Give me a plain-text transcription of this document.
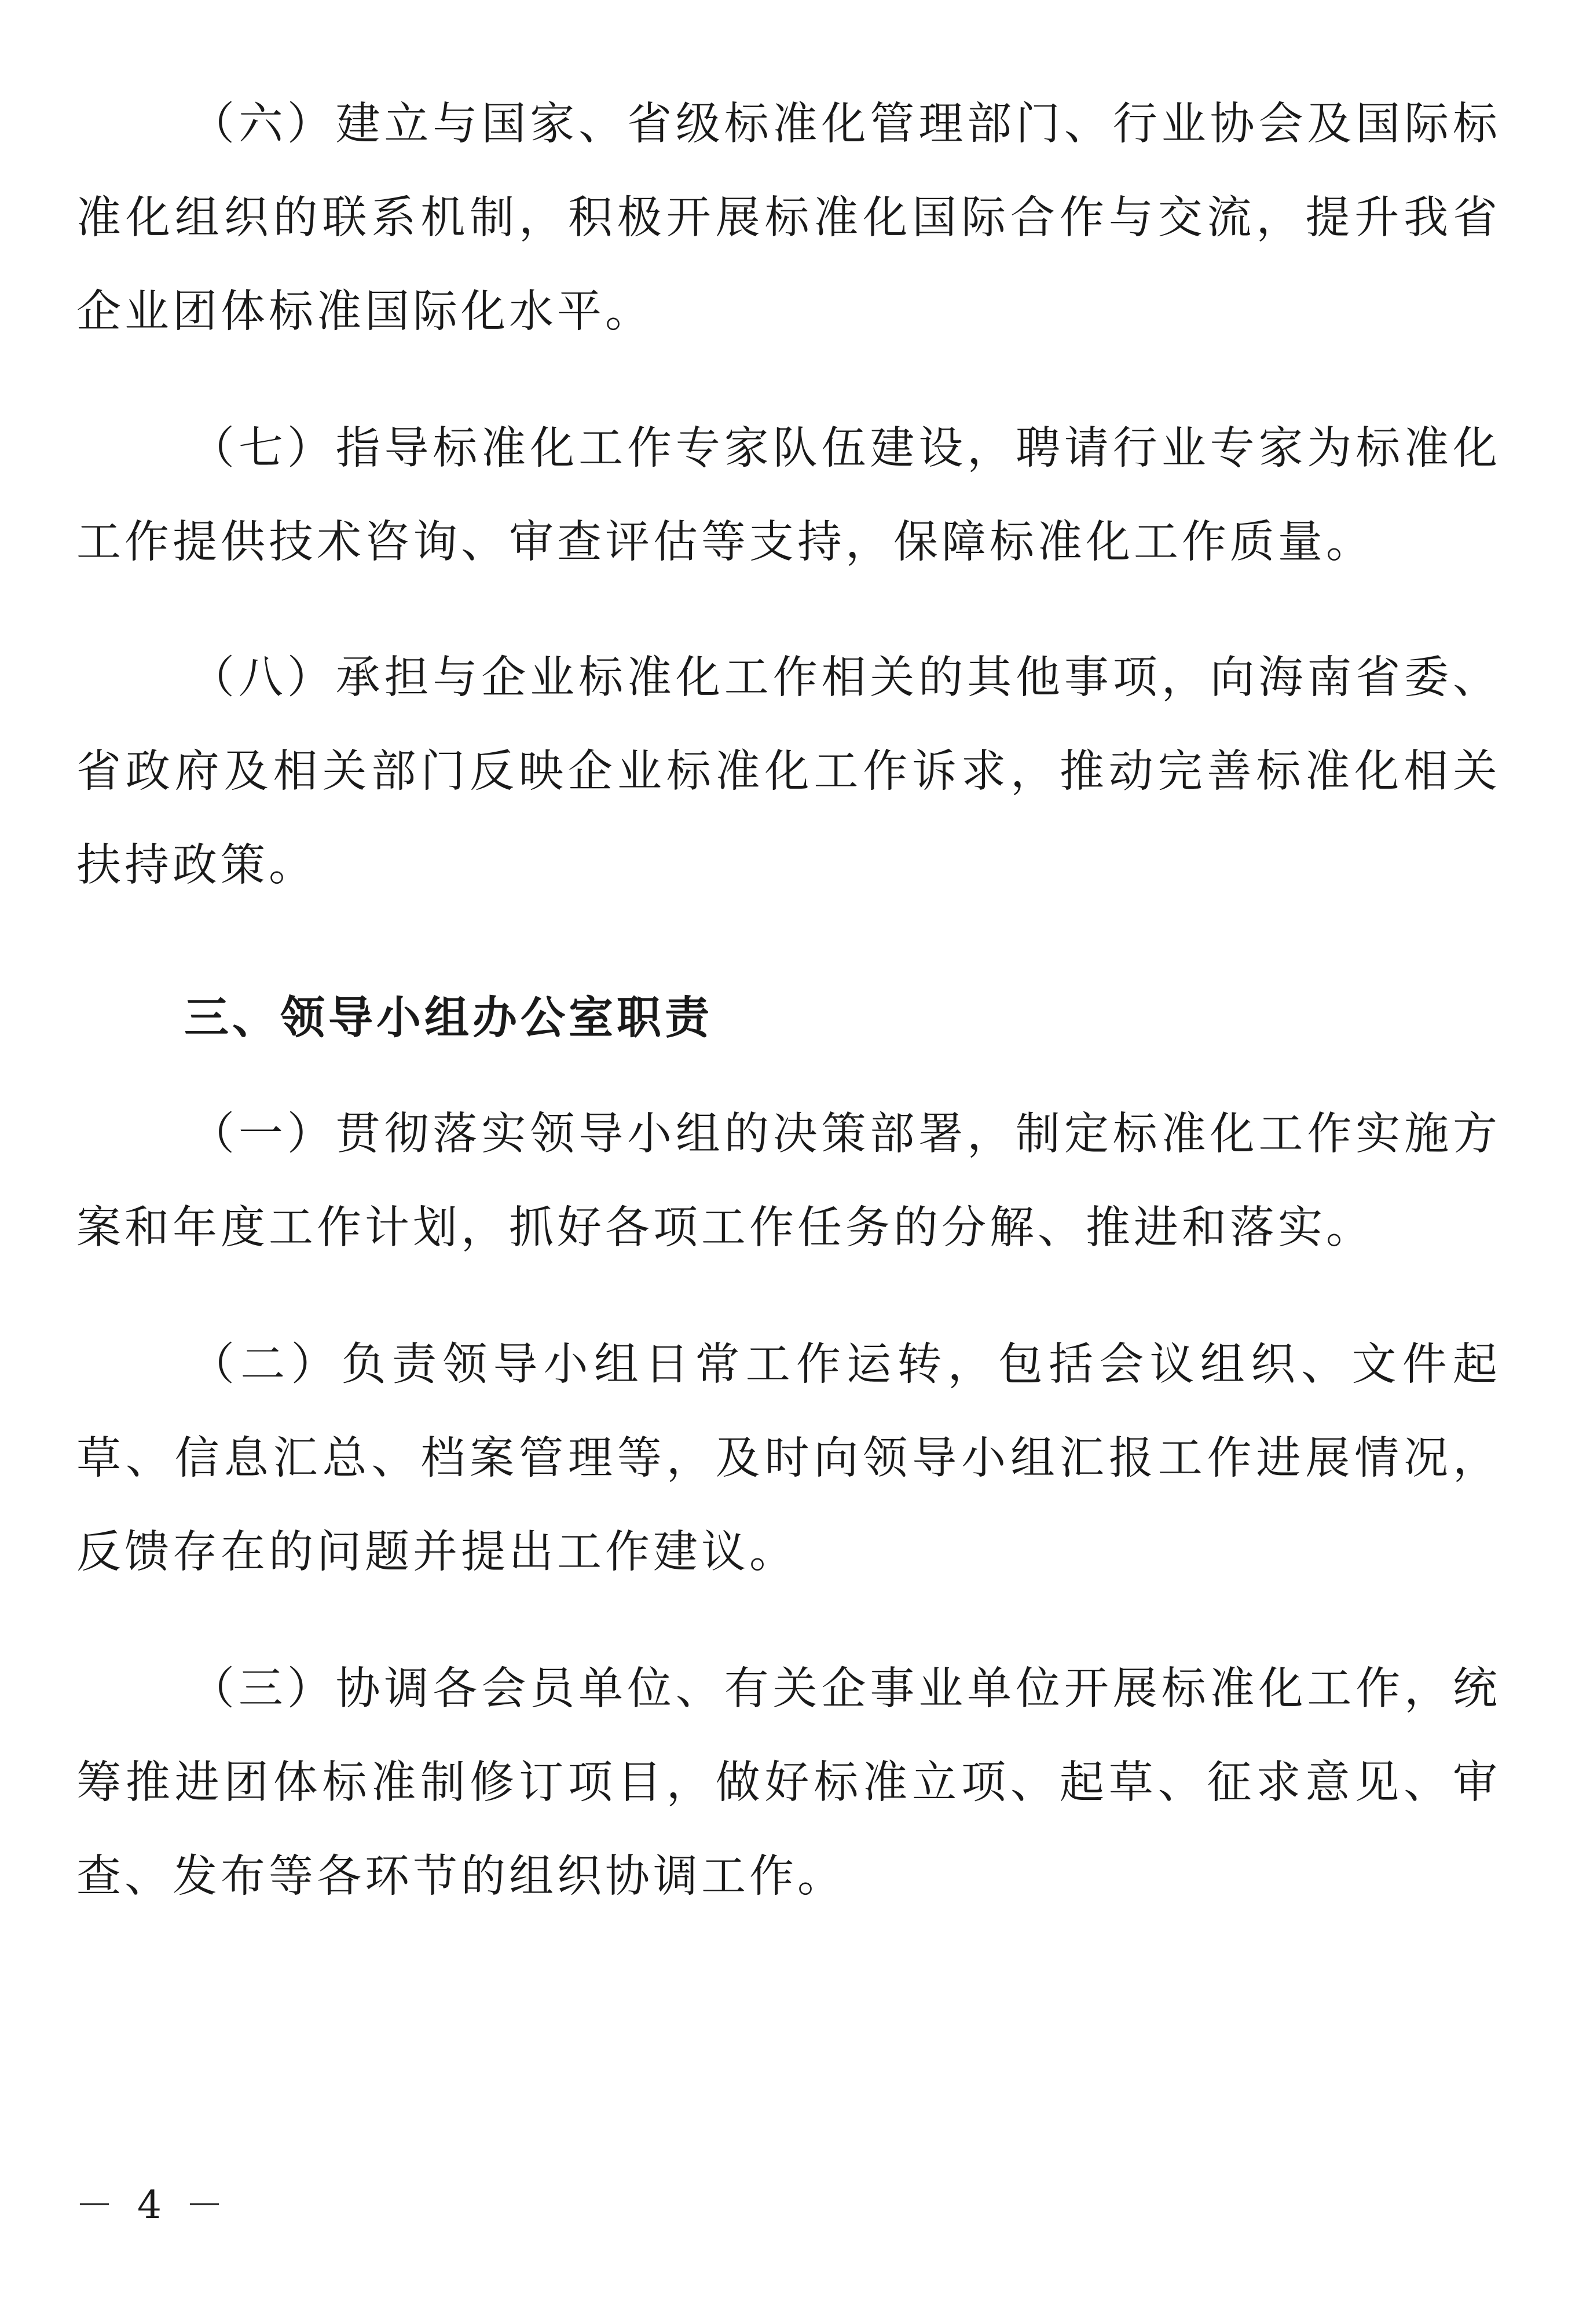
（六）建立与国家、省级标准化管理部门、行业协会及国际标准化组织的联系机制，积极开展标准化国际合作与交流，提升我省企业团体标准国际化水平。

（七）指导标准化工作专家队伍建设，聘请行业专家为标准化工作提供技术咨询、审查评估等支持，保障标准化工作质量。

（八）承担与企业标准化工作相关的其他事项，向海南省委、省政府及相关部门反映企业标准化工作诉求，推动完善标准化相关扶持政策。

三、领导小组办公室职责

（一）贯彻落实领导小组的决策部署，制定标准化工作实施方案和年度工作计划，抓好各项工作任务的分解、推进和落实。

（二）负责领导小组日常工作运转，包括会议组织、文件起草、信息汇总、档案管理等，及时向领导小组汇报工作进展情况，反馈存在的问题并提出工作建议。

（三）协调各会员单位、有关企事业单位开展标准化工作，统筹推进团体标准制修订项目，做好标准立项、起草、征求意见、审查、发布等各环节的组织协调工作。

－ 4 －
